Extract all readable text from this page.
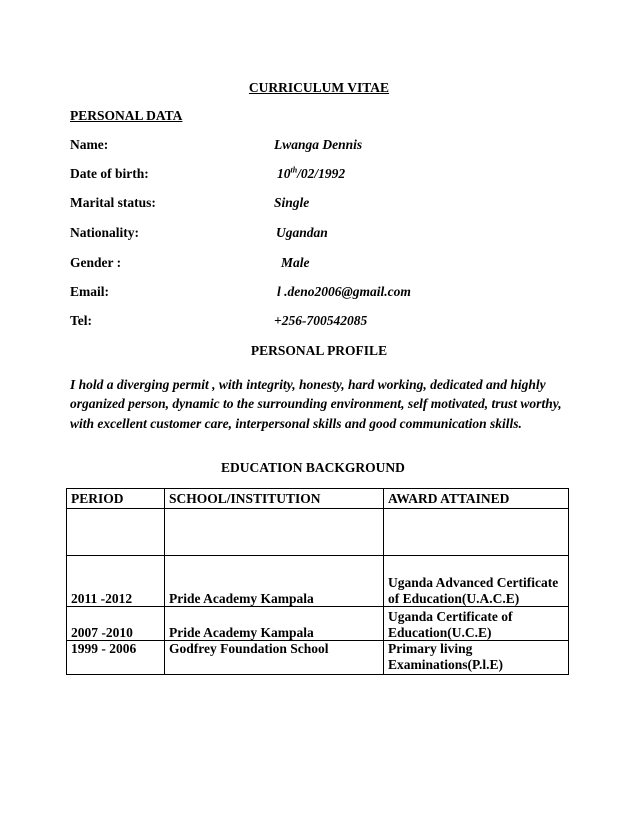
CURRICULUM VITAE
PERSONAL DATA
Name:	Lwanga Dennis
Date of birth:	10th/02/1992
Marital status:	Single
Nationality:	Ugandan
Gender :	Male
Email:	l .deno2006@gmail.com
Tel:	+256-700542085
PERSONAL PROFILE
I hold a diverging permit , with integrity, honesty, hard working, dedicated and highly organized person, dynamic to the surrounding environment, self motivated, trust worthy, with excellent customer care, interpersonal skills and good communication skills.
EDUCATION BACKGROUND
PERIOD	SCHOOL/INSTITUTION	AWARD ATTAINED

2011 -2012	Pride Academy Kampala	Uganda Advanced Certificate of Education(U.A.C.E)
2007 -2010	Pride Academy Kampala	Uganda Certificate of Education(U.C.E)
1999 - 2006	Godfrey Foundation School	Primary living Examinations(P.l.E)
